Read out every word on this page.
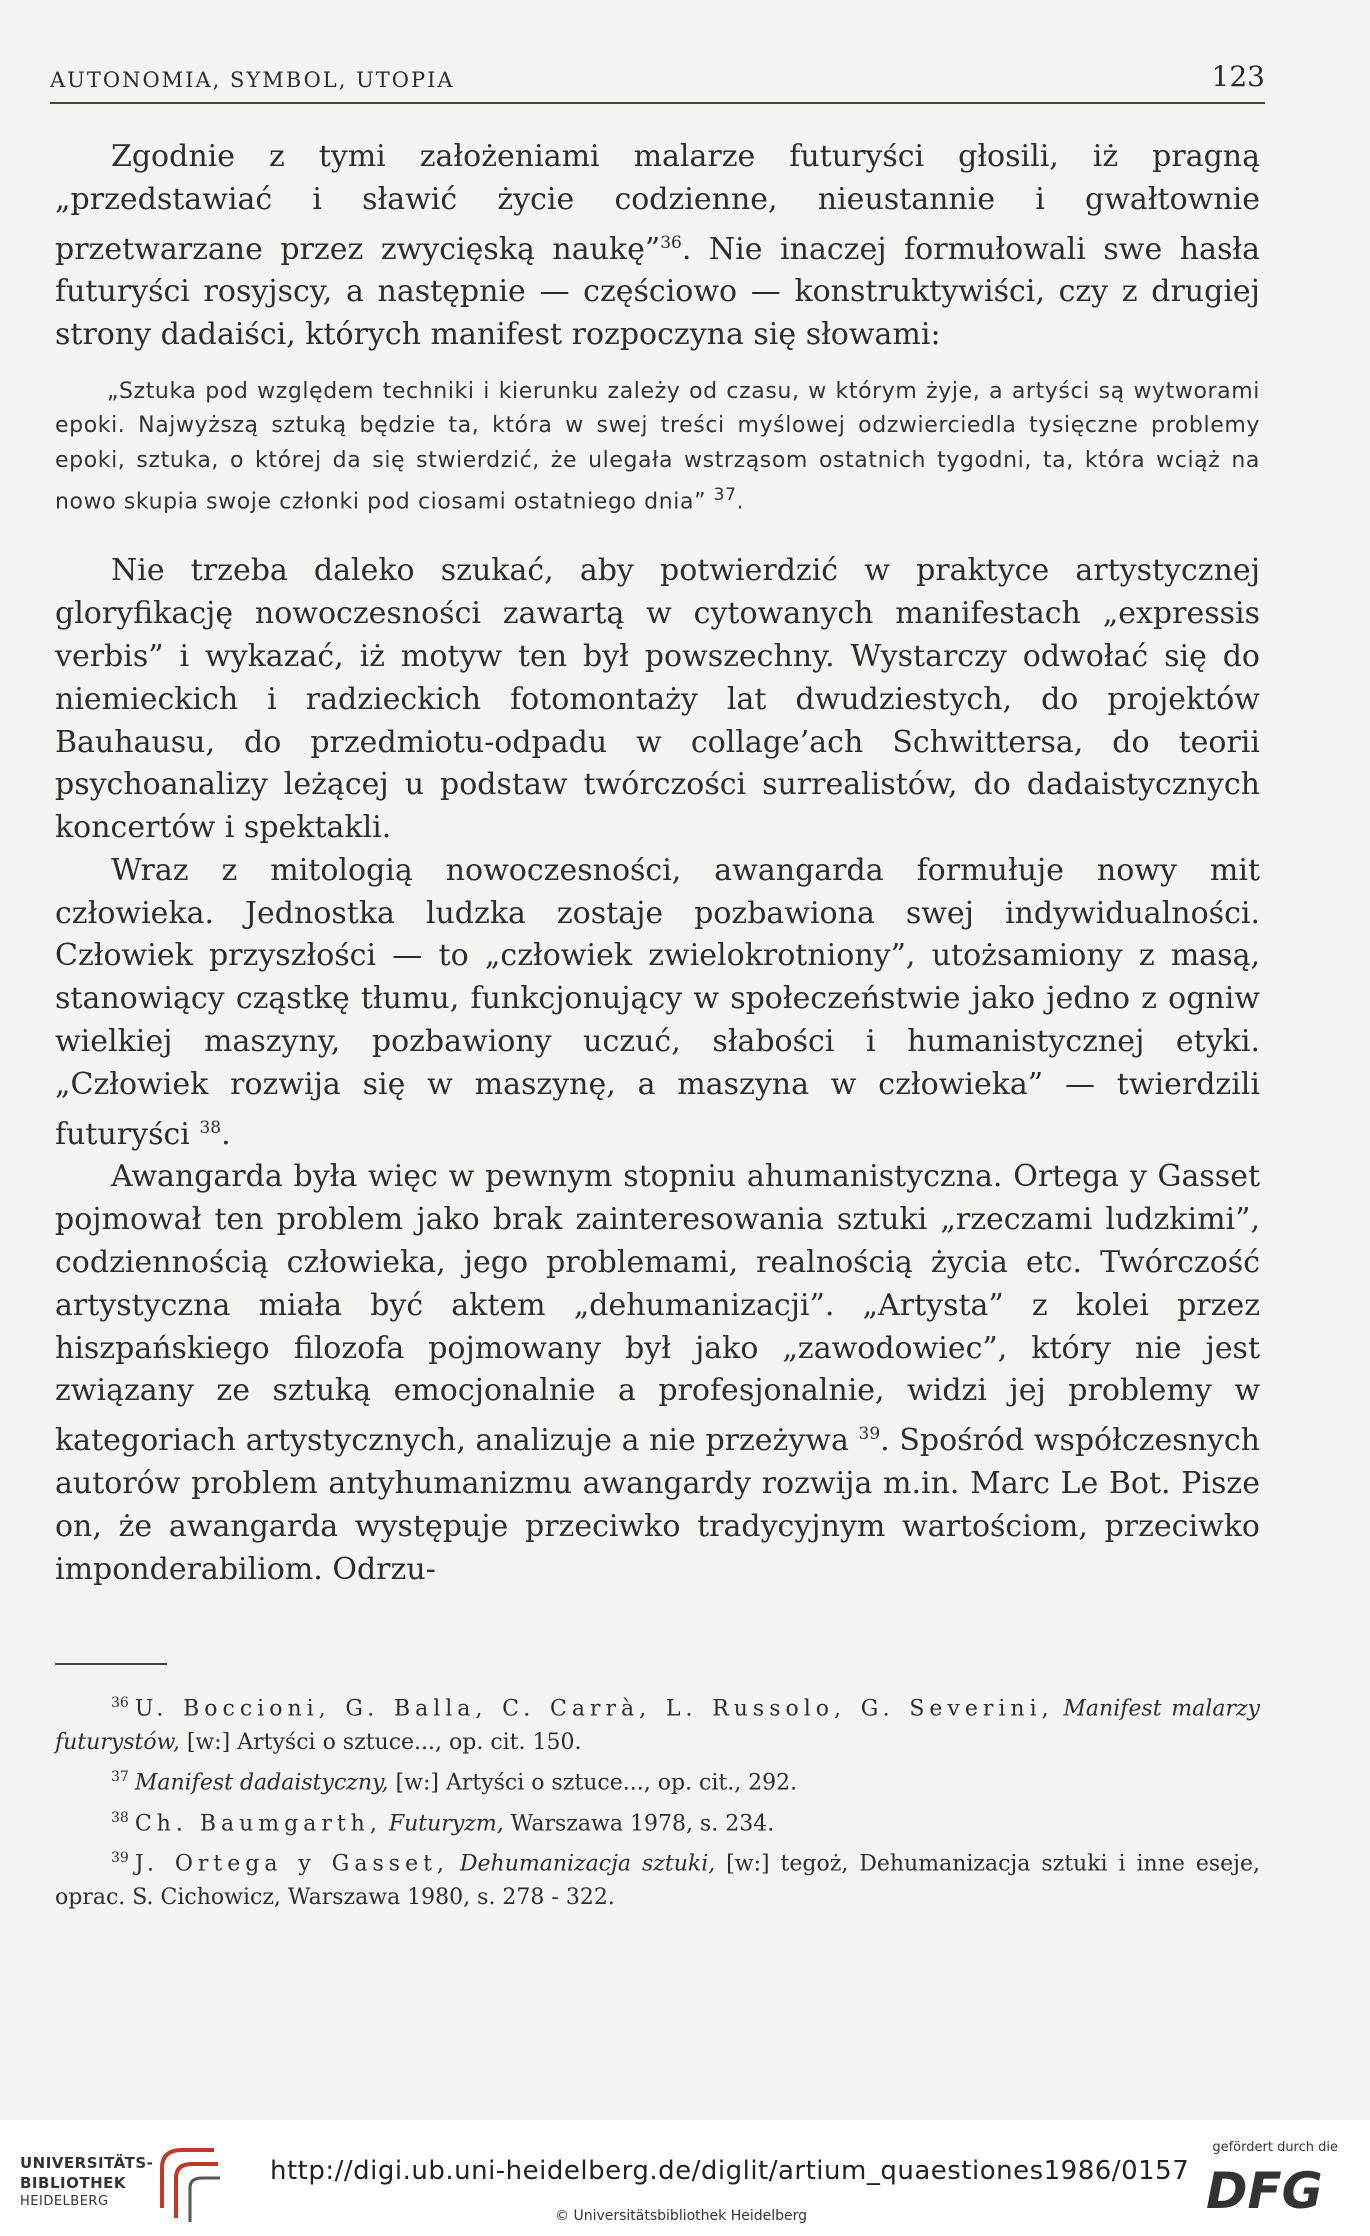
AUTONOMIA, SYMBOL, UTOPIA	123

Zgodnie z tymi założeniami malarze futuryści głosili, iż pragną „przedstawiać i sławić życie codzienne, nieustannie i gwałtownie przetwarzane przez zwycięską naukę”$^{36}$. Nie inaczej formułowali swe hasła futuryści rosyjscy, a następnie — częściowo — konstruktywiści, czy z drugiej strony dadaiści, których manifest rozpoczyna się słowami:

„Sztuka pod względem techniki i kierunku zależy od czasu, w którym żyje, a artyści są wytworami epoki. Najwyższą sztuką będzie ta, która w swej treści myślowej odzwierciedla tysięczne problemy epoki, sztuka, o której da się stwierdzić, że ulegała wstrząsom ostatnich tygodni, ta, która wciąż na nowo skupia swoje członki pod ciosami ostatniego dnia” $^{37}$.

Nie trzeba daleko szukać, aby potwierdzić w praktyce artystycznej gloryfikację nowoczesności zawartą w cytowanych manifestach „expressis verbis” i wykazać, iż motyw ten był powszechny. Wystarczy odwołać się do niemieckich i radzieckich fotomontaży lat dwudziestych, do projektów Bauhausu, do przedmiotu-odpadu w collage’ach Schwittersa, do teorii psychoanalizy leżącej u podstaw twórczości surrealistów, do dadaistycznych koncertów i spektakli.

Wraz z mitologią nowoczesności, awangarda formułuje nowy mit człowieka. Jednostka ludzka zostaje pozbawiona swej indywidualności. Człowiek przyszłości — to „człowiek zwielokrotniony”, utożsamiony z masą, stanowiący cząstkę tłumu, funkcjonujący w społeczeństwie jako jedno z ogniw wielkiej maszyny, pozbawiony uczuć, słabości i humanistycznej etyki. „Człowiek rozwija się w maszynę, a maszyna w człowieka” — twierdzili futuryści $^{38}$.

Awangarda była więc w pewnym stopniu ahumanistyczna. Ortega y Gasset pojmował ten problem jako brak zainteresowania sztuki „rzeczami ludzkimi”, codziennością człowieka, jego problemami, realnością życia etc. Twórczość artystyczna miała być aktem „dehumanizacji”. „Artysta” z kolei przez hiszpańskiego filozofa pojmowany był jako „zawodowiec”, który nie jest związany ze sztuką emocjonalnie a profesjonalnie, widzi jej problemy w kategoriach artystycznych, analizuje a nie przeżywa $^{39}$. Spośród współczesnych autorów problem antyhumanizmu awangardy rozwija m.in. Marc Le Bot. Pisze on, że awangarda występuje przeciwko tradycyjnym wartościom, przeciwko imponderabiliom. Odrzu-

$^{36}$ U. Boccioni, G. Balla, C. Carrà, L. Russolo, G. Severini, Manifest malarzy futurystów, [w:] Artyści o sztuce..., op. cit. 150.

$^{37}$ Manifest dadaistyczny, [w:] Artyści o sztuce..., op. cit., 292.

$^{38}$ Ch. Baumgarth, Futuryzm, Warszawa 1978, s. 234.

$^{39}$ J. Ortega y Gasset, Dehumanizacja sztuki, [w:] tegoż, Dehumanizacja sztuki i inne eseje, oprac. S. Cichowicz, Warszawa 1980, s. 278 - 322.

UNIVERSITÄTS-
BIBLIOTHEK
HEIDELBERG
http://digi.ub.uni-heidelberg.de/diglit/artium_quaestiones1986/0157
© Universitätsbibliothek Heidelberg
gefördert durch die
DFG
